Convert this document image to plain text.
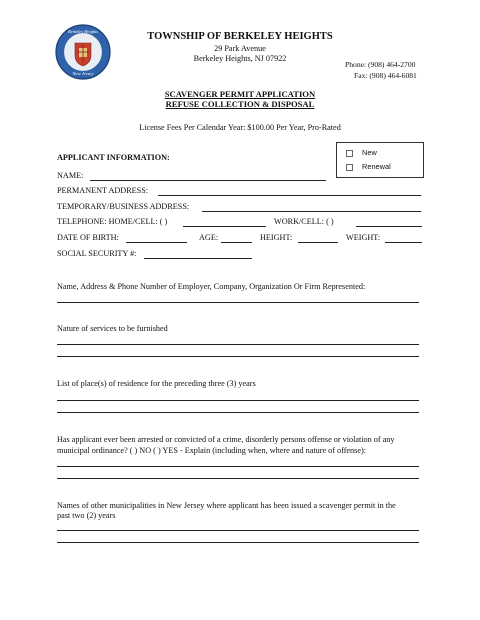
Berkeley Heights
New Jersey
TOWNSHIP OF BERKELEY HEIGHTS
29 Park Avenue
Berkeley Heights, NJ 07922
Phone: (908) 464-2700
Fax: (908) 464-6081
SCAVENGER PERMIT APPLICATION
REFUSE COLLECTION & DISPOSAL
License Fees Per Calendar Year: $100.00 Per Year, Pro-Rated
New
Renewal
APPLICANT INFORMATION:
NAME:
PERMANENT ADDRESS:
TEMPORARY/BUSINESS ADDRESS:
TELEPHONE: HOME/CELL: ( )	WORK/CELL: ( )
DATE OF BIRTH:	AGE:	HEIGHT:	WEIGHT:
SOCIAL SECURITY #:
Name, Address & Phone Number of Employer, Company, Organization Or Firm Represented:
Nature of services to be furnished
List of place(s) of residence for the preceding three (3) years
Has applicant ever been arrested or convicted of a crime, disorderly persons offense or violation of any
municipal ordinance? ( ) NO ( ) YES - Explain (including when, where and nature of offense):
Names of other municipalities in New Jersey where applicant has been issued a scavenger permit in the
past two (2) years
